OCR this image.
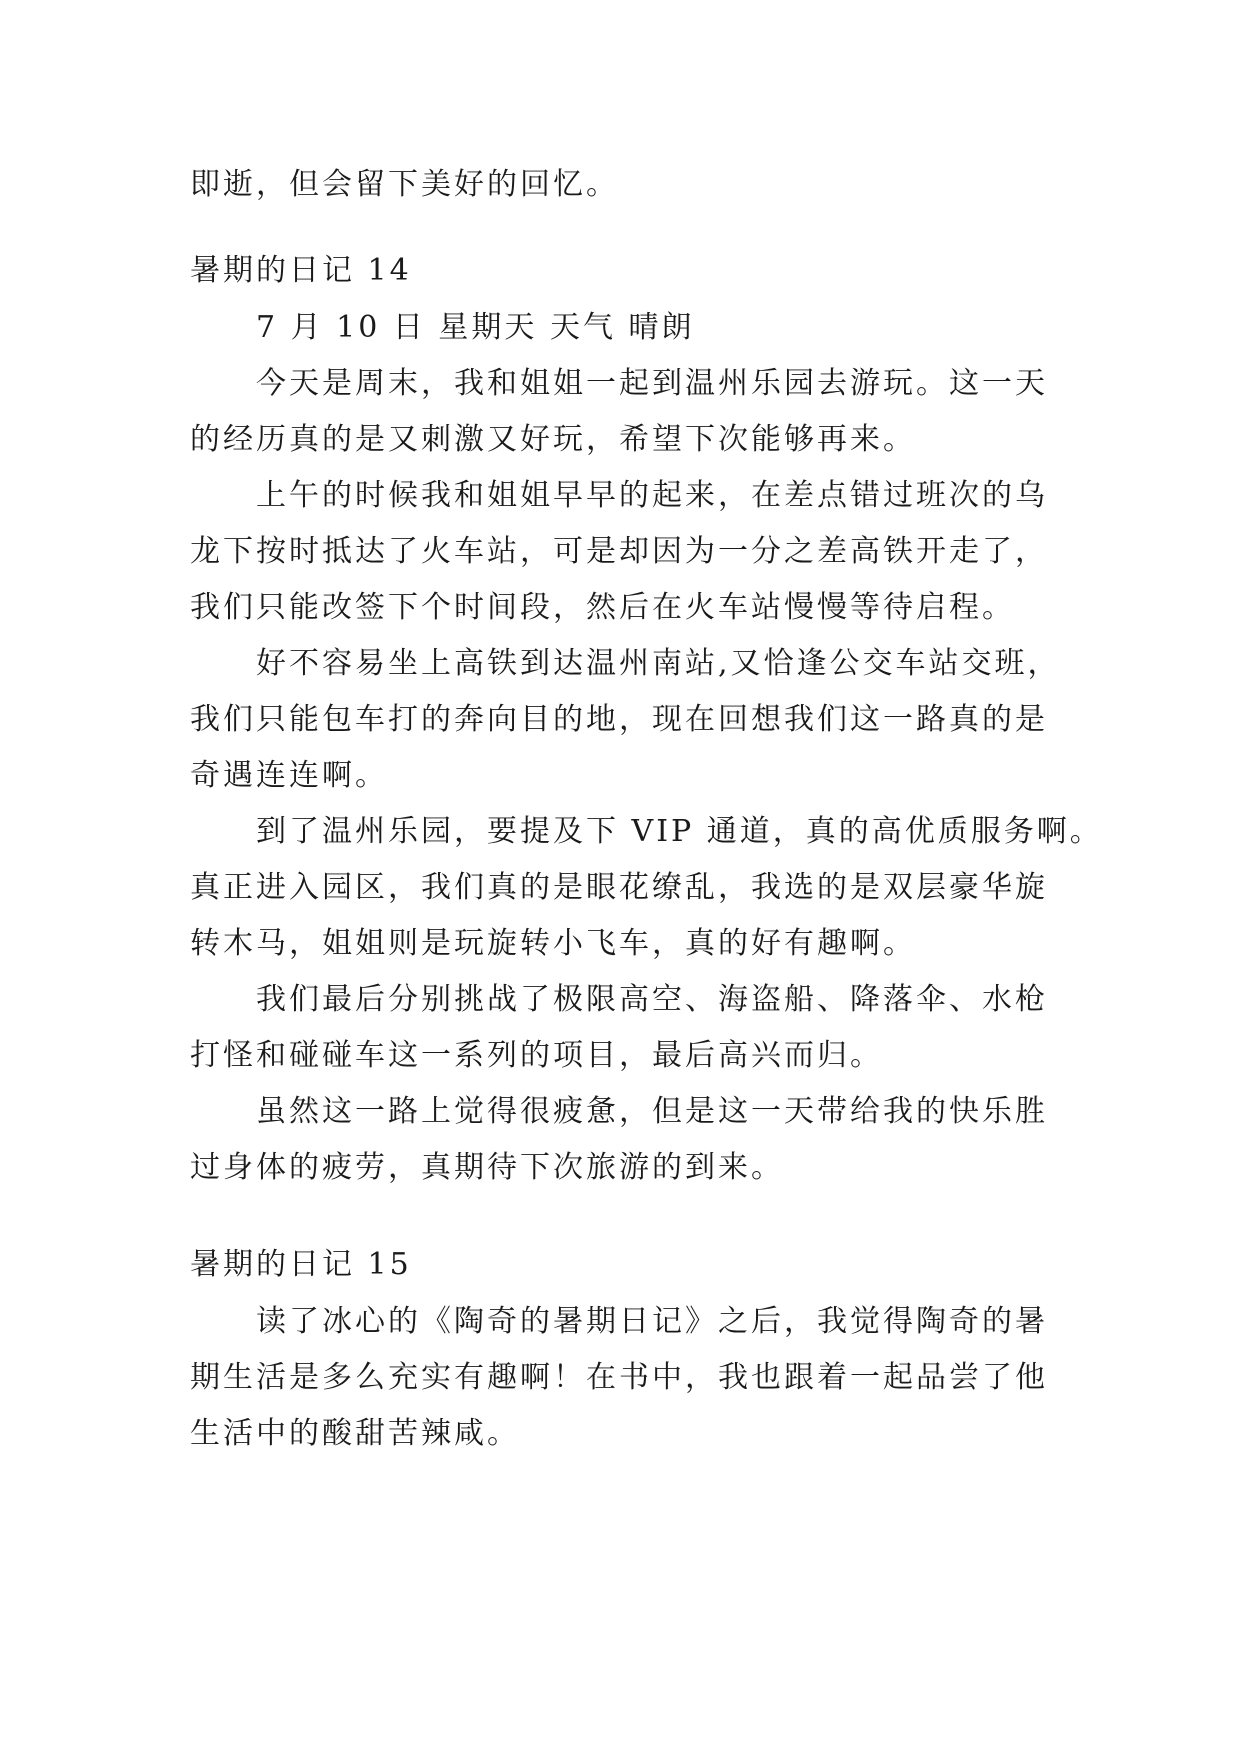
即逝，但会留下美好的回忆。
暑期的日记 14
7 月 10 日 星期天 天气 晴朗
今天是周末，我和姐姐一起到温州乐园去游玩。这一天
的经历真的是又刺激又好玩，希望下次能够再来。
上午的时候我和姐姐早早的起来，在差点错过班次的乌
龙下按时抵达了火车站，可是却因为一分之差高铁开走了，
我们只能改签下个时间段，然后在火车站慢慢等待启程。
好不容易坐上高铁到达温州南站,又恰逢公交车站交班，
我们只能包车打的奔向目的地，现在回想我们这一路真的是
奇遇连连啊。
到了温州乐园，要提及下 VIP 通道，真的高优质服务啊。
真正进入园区，我们真的是眼花缭乱，我选的是双层豪华旋
转木马，姐姐则是玩旋转小飞车，真的好有趣啊。
我们最后分别挑战了极限高空、海盗船、降落伞、水枪
打怪和碰碰车这一系列的项目，最后高兴而归。
虽然这一路上觉得很疲惫，但是这一天带给我的快乐胜
过身体的疲劳，真期待下次旅游的到来。
暑期的日记 15
读了冰心的《陶奇的暑期日记》之后，我觉得陶奇的暑
期生活是多么充实有趣啊！在书中，我也跟着一起品尝了他
生活中的酸甜苦辣咸。
